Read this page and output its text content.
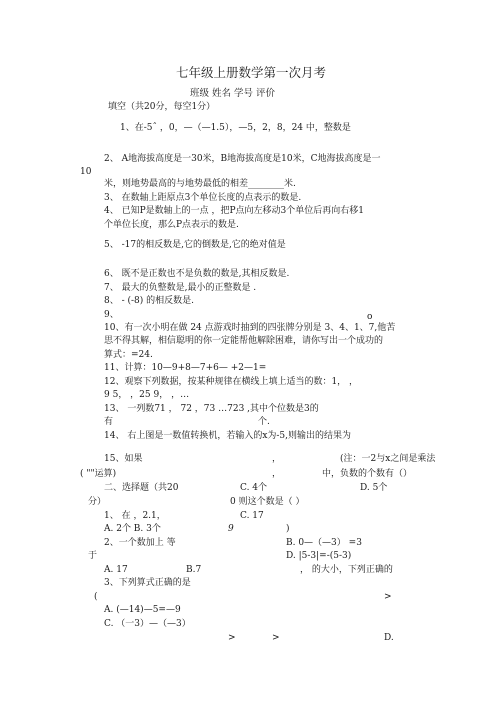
七年级上册数学第一次月考
班级 姓名 学号 评价
填空（共20分，每空1分）
1、在-5ˆ ，0，—（—1.5），—5，2，8，24 中，整数是
2、 A地海拔高度是一30米，B地海拔高度是10米，C地海拔高度是一
10
米，则地势最高的与地势最低的相差________米.
3、 在数轴上距原点3个单位长度的点表示的数是.
4、 已知P是数轴上的一点 ，把P点向左移动3个单位后再向右移1
个单位长度，那么P点表示的数是.
5、 -17的相反数是,它的倒数是,它的绝对值是
6、 既不是正数也不是负数的数是,其相反数是.
7、 最大的负整数是,最小的正整数是 .
8、 - (-8) 的相反数是.
9、	o
10、有一次小明在做 24 点游戏时抽到的四张牌分别是 3、4、1、7,他苦
思不得其解，相信聪明的你一定能帮他解除困难，请你写出一个成功的
算式：=24.
11、计算：10—9+8—7+6— +2—1=
12、观察下列数据，按某种规律在横线上填上适当的数：1， ，
9 5， ，25 9， ，…
13、 一列数71 ， 72 ，73 …723 ,其中个位数是3的
有	个.
14、 右上图是一数值转换机，若输入的x为-5,则输出的结果为
15、如果	，	(注：一2与x之间是乘法
( ""运算)	，	中，负数的个数有（）
二、选择题（共20	C. 4个	D. 5个
分）	0 则这个数是（ ）
1、 在 ，2.1，	C. 17
A. 2个 B. 3个	9	)
2、一个数加上 等	B. 0—（—3） =3
于	D. |5-3|=-(5-3)
A. 17	B.7	， 的大小，下列正确的
3、下列算式正确的是
(	>
A. (—14)—5=—9
C. （一3）—（—3）
>	>	D.
